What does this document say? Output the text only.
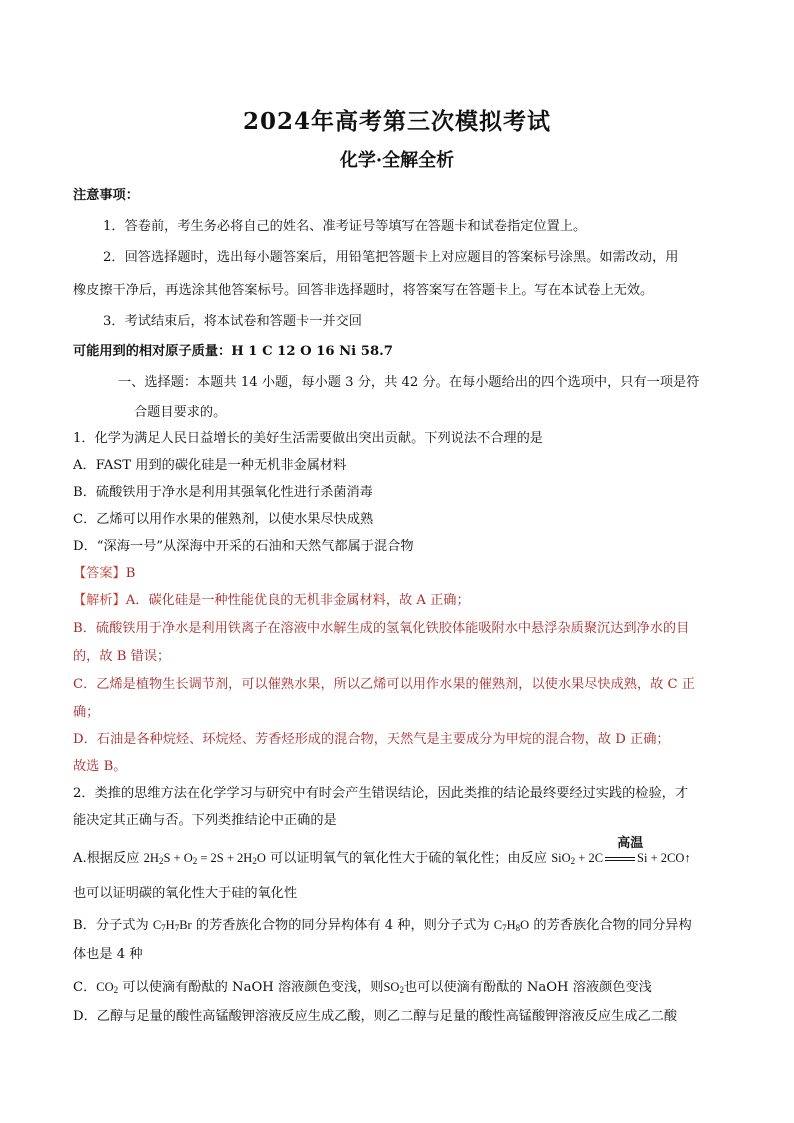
2024年高考第三次模拟考试
化学·全解全析
注意事项：
1．答卷前，考生务必将自己的姓名、准考证号等填写在答题卡和试卷指定位置上。
2．回答选择题时，选出每小题答案后，用铅笔把答题卡上对应题目的答案标号涂黑。如需改动，用
橡皮擦干净后，再选涂其他答案标号。回答非选择题时，将答案写在答题卡上。写在本试卷上无效。
3．考试结束后，将本试卷和答题卡一并交回
可能用到的相对原子质量：H 1 C 12 O 16 Ni 58.7
一、选择题：本题共 14 小题，每小题 3 分，共 42 分。在每小题给出的四个选项中，只有一项是符
合题目要求的。
1．化学为满足人民日益增长的美好生活需要做出突出贡献。下列说法不合理的是
A．FAST 用到的碳化硅是一种无机非金属材料
B．硫酸铁用于净水是利用其强氧化性进行杀菌消毒
C．乙烯可以用作水果的催熟剂，以使水果尽快成熟
D．“深海一号”从深海中开采的石油和天然气都属于混合物
【答案】B
【解析】A．碳化硅是一种性能优良的无机非金属材料，故 A 正确；
B．硫酸铁用于净水是利用铁离子在溶液中水解生成的氢氧化铁胶体能吸附水中悬浮杂质聚沉达到净水的目
的，故 B 错误；
C．乙烯是植物生长调节剂，可以催熟水果，所以乙烯可以用作水果的催熟剂，以使水果尽快成熟，故 C 正
确；
D．石油是各种烷烃、环烷烃、芳香烃形成的混合物，天然气是主要成分为甲烷的混合物，故 D 正确；
故选 B。
2．类推的思维方法在化学学习与研究中有时会产生错误结论，因此类推的结论最终要经过实践的检验，才
能决定其正确与否。下列类推结论中正确的是
A.根据反应 $2H_2S + O_2 = 2S + 2H_2O$ 可以证明氧气的氧化性大于硫的氧化性；由反应 SiO$_2$ + 2C
高温
Si + 2CO↑
也可以证明碳的氧化性大于硅的氧化性
B．分子式为 $C_7H_7Br$ 的芳香族化合物的同分异构体有 4 种，则分子式为 $C_7H_8O$ 的芳香族化合物的同分异构
体也是 4 种
C．$CO_2$ 可以使滴有酚酞的 NaOH 溶液颜色变浅，则$SO_2$也可以使滴有酚酞的 NaOH 溶液颜色变浅
D．乙醇与足量的酸性高锰酸钾溶液反应生成乙酸，则乙二醇与足量的酸性高锰酸钾溶液反应生成乙二酸
